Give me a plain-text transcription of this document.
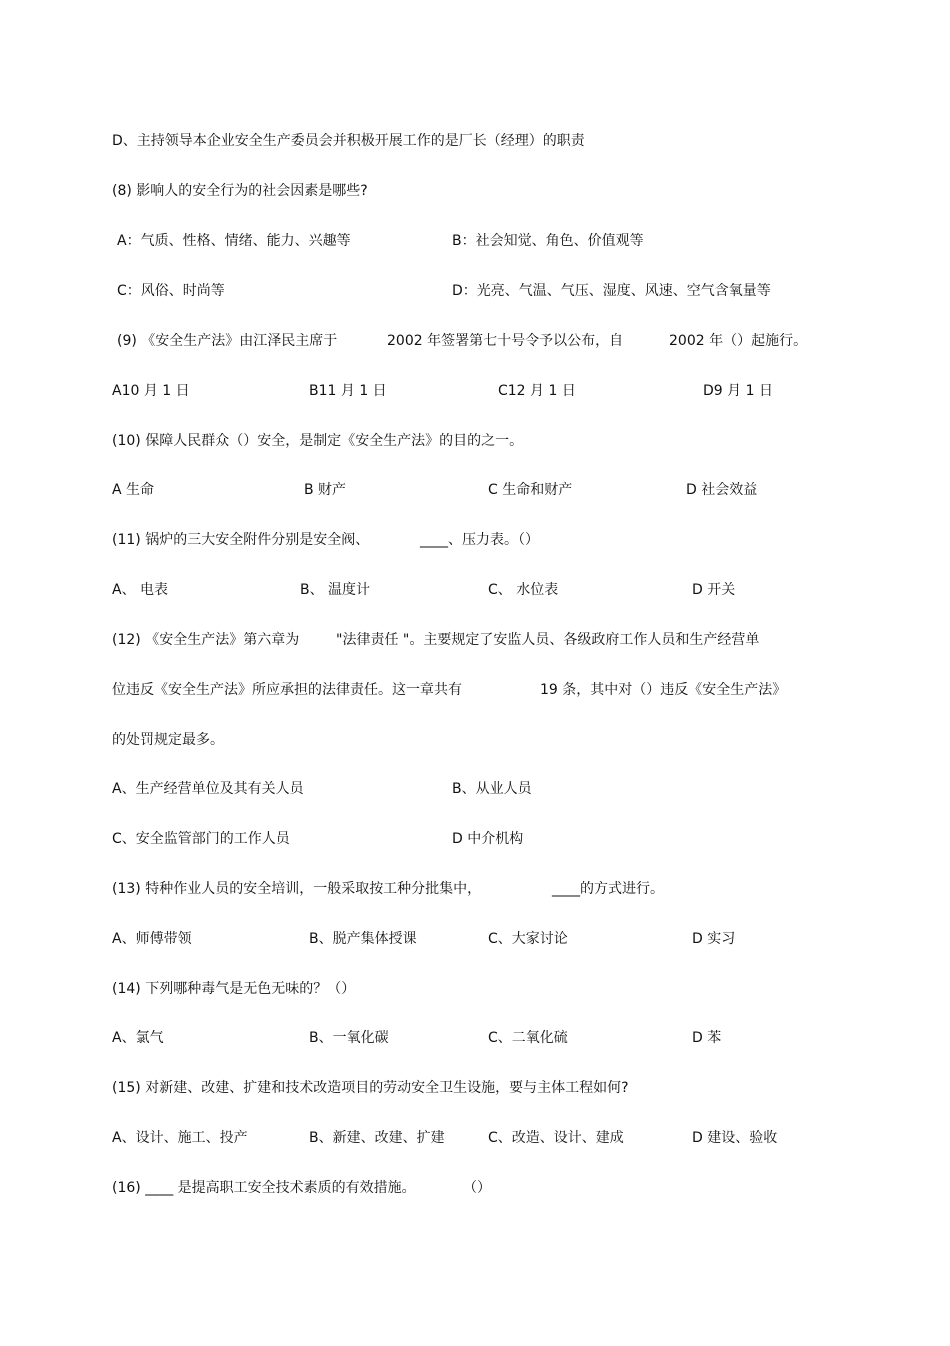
D、主持领导本企业安全生产委员会并积极开展工作的是厂长（经理）的职责
(8) 影响人的安全行为的社会因素是哪些?
A：气质、性格、情绪、能力、兴趣等	B：社会知觉、角色、价值观等
C：风俗、时尚等	D：光亮、气温、气压、湿度、风速、空气含氧量等
(9) 《安全生产法》由江泽民主席于	2002 年签署第七十号令予以公布，自	2002 年（）起施行。
A10 月 1 日	B11 月 1 日	C12 月 1 日	D9 月 1 日
(10) 保障人民群众（）安全，是制定《安全生产法》的目的之一。
A 生命	B 财产	C 生命和财产	D 社会效益
(11) 锅炉的三大安全附件分别是安全阀、	____、压力表。（）
A、 电表	B、 温度计	C、 水位表	D 开关
(12) 《安全生产法》第六章为	"法律责任 "。主要规定了安监人员、各级政府工作人员和生产经营单
位违反《安全生产法》所应承担的法律责任。这一章共有	19 条，其中对（）违反《安全生产法》
的处罚规定最多。
A、生产经营单位及其有关人员	B、从业人员
C、安全监管部门的工作人员	D 中介机构
(13) 特种作业人员的安全培训，一般采取按工种分批集中，	____的方式进行。
A、师傅带领	B、脱产集体授课	C、大家讨论	D 实习
(14) 下列哪种毒气是无色无味的？（）
A、氯气	B、一氧化碳	C、二氧化硫	D 苯
(15) 对新建、改建、扩建和技术改造项目的劳动安全卫生设施，要与主体工程如何?
A、设计、施工、投产	B、新建、改建、扩建	C、改造、设计、建成	D 建设、验收
(16) ____ 是提高职工安全技术素质的有效措施。	（）
